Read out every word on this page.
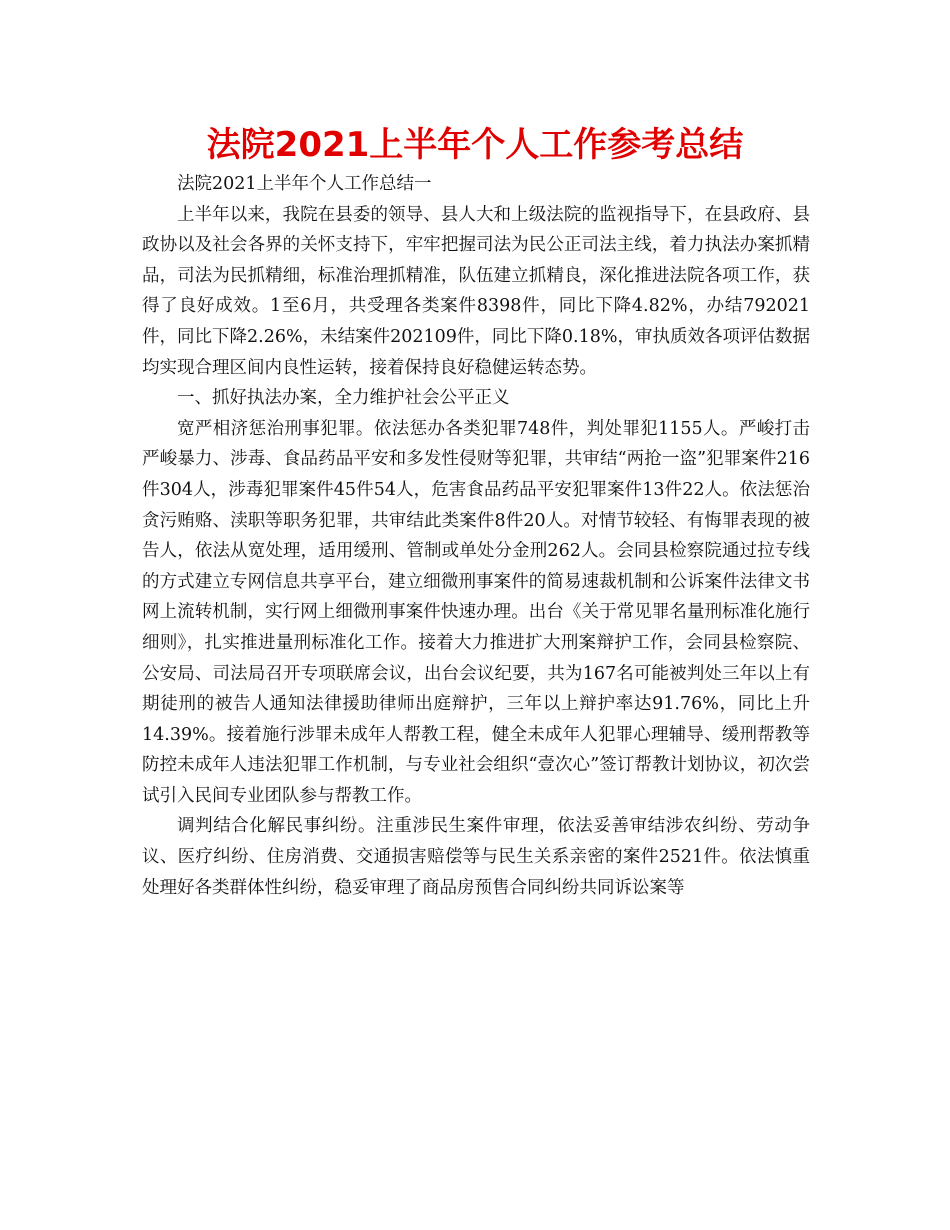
法院2021上半年个人工作参考总结

法院2021上半年个人工作总结一

上半年以来，我院在县委的领导、县人大和上级法院的监视指导下，在县政府、县政协以及社会各界的关怀支持下，牢牢把握司法为民公正司法主线，着力执法办案抓精品，司法为民抓精细，标准治理抓精准，队伍建立抓精良，深化推进法院各项工作，获得了良好成效。1至6月，共受理各类案件8398件，同比下降4.82%，办结792021件，同比下降2.26%，未结案件202109件，同比下降0.18%，审执质效各项评估数据均实现合理区间内良性运转，接着保持良好稳健运转态势。

一、抓好执法办案，全力维护社会公平正义

宽严相济惩治刑事犯罪。依法惩办各类犯罪748件，判处罪犯1155人。严峻打击严峻暴力、涉毒、食品药品平安和多发性侵财等犯罪，共审结“两抢一盗”犯罪案件216件304人，涉毒犯罪案件45件54人，危害食品药品平安犯罪案件13件22人。依法惩治贪污贿赂、渎职等职务犯罪，共审结此类案件8件20人。对情节较轻、有悔罪表现的被告人，依法从宽处理，适用缓刑、管制或单处分金刑262人。会同县检察院通过拉专线的方式建立专网信息共享平台，建立细微刑事案件的简易速裁机制和公诉案件法律文书网上流转机制，实行网上细微刑事案件快速办理。出台《关于常见罪名量刑标准化施行细则》，扎实推进量刑标准化工作。接着大力推进扩大刑案辩护工作，会同县检察院、公安局、司法局召开专项联席会议，出台会议纪要，共为167名可能被判处三年以上有期徒刑的被告人通知法律援助律师出庭辩护，三年以上辩护率达91.76%，同比上升14.39%。接着施行涉罪未成年人帮教工程，健全未成年人犯罪心理辅导、缓刑帮教等防控未成年人违法犯罪工作机制，与专业社会组织“壹次心”签订帮教计划协议，初次尝试引入民间专业团队参与帮教工作。

调判结合化解民事纠纷。注重涉民生案件审理，依法妥善审结涉农纠纷、劳动争议、医疗纠纷、住房消费、交通损害赔偿等与民生关系亲密的案件2521件。依法慎重处理好各类群体性纠纷，稳妥审理了商品房预售合同纠纷共同诉讼案等
